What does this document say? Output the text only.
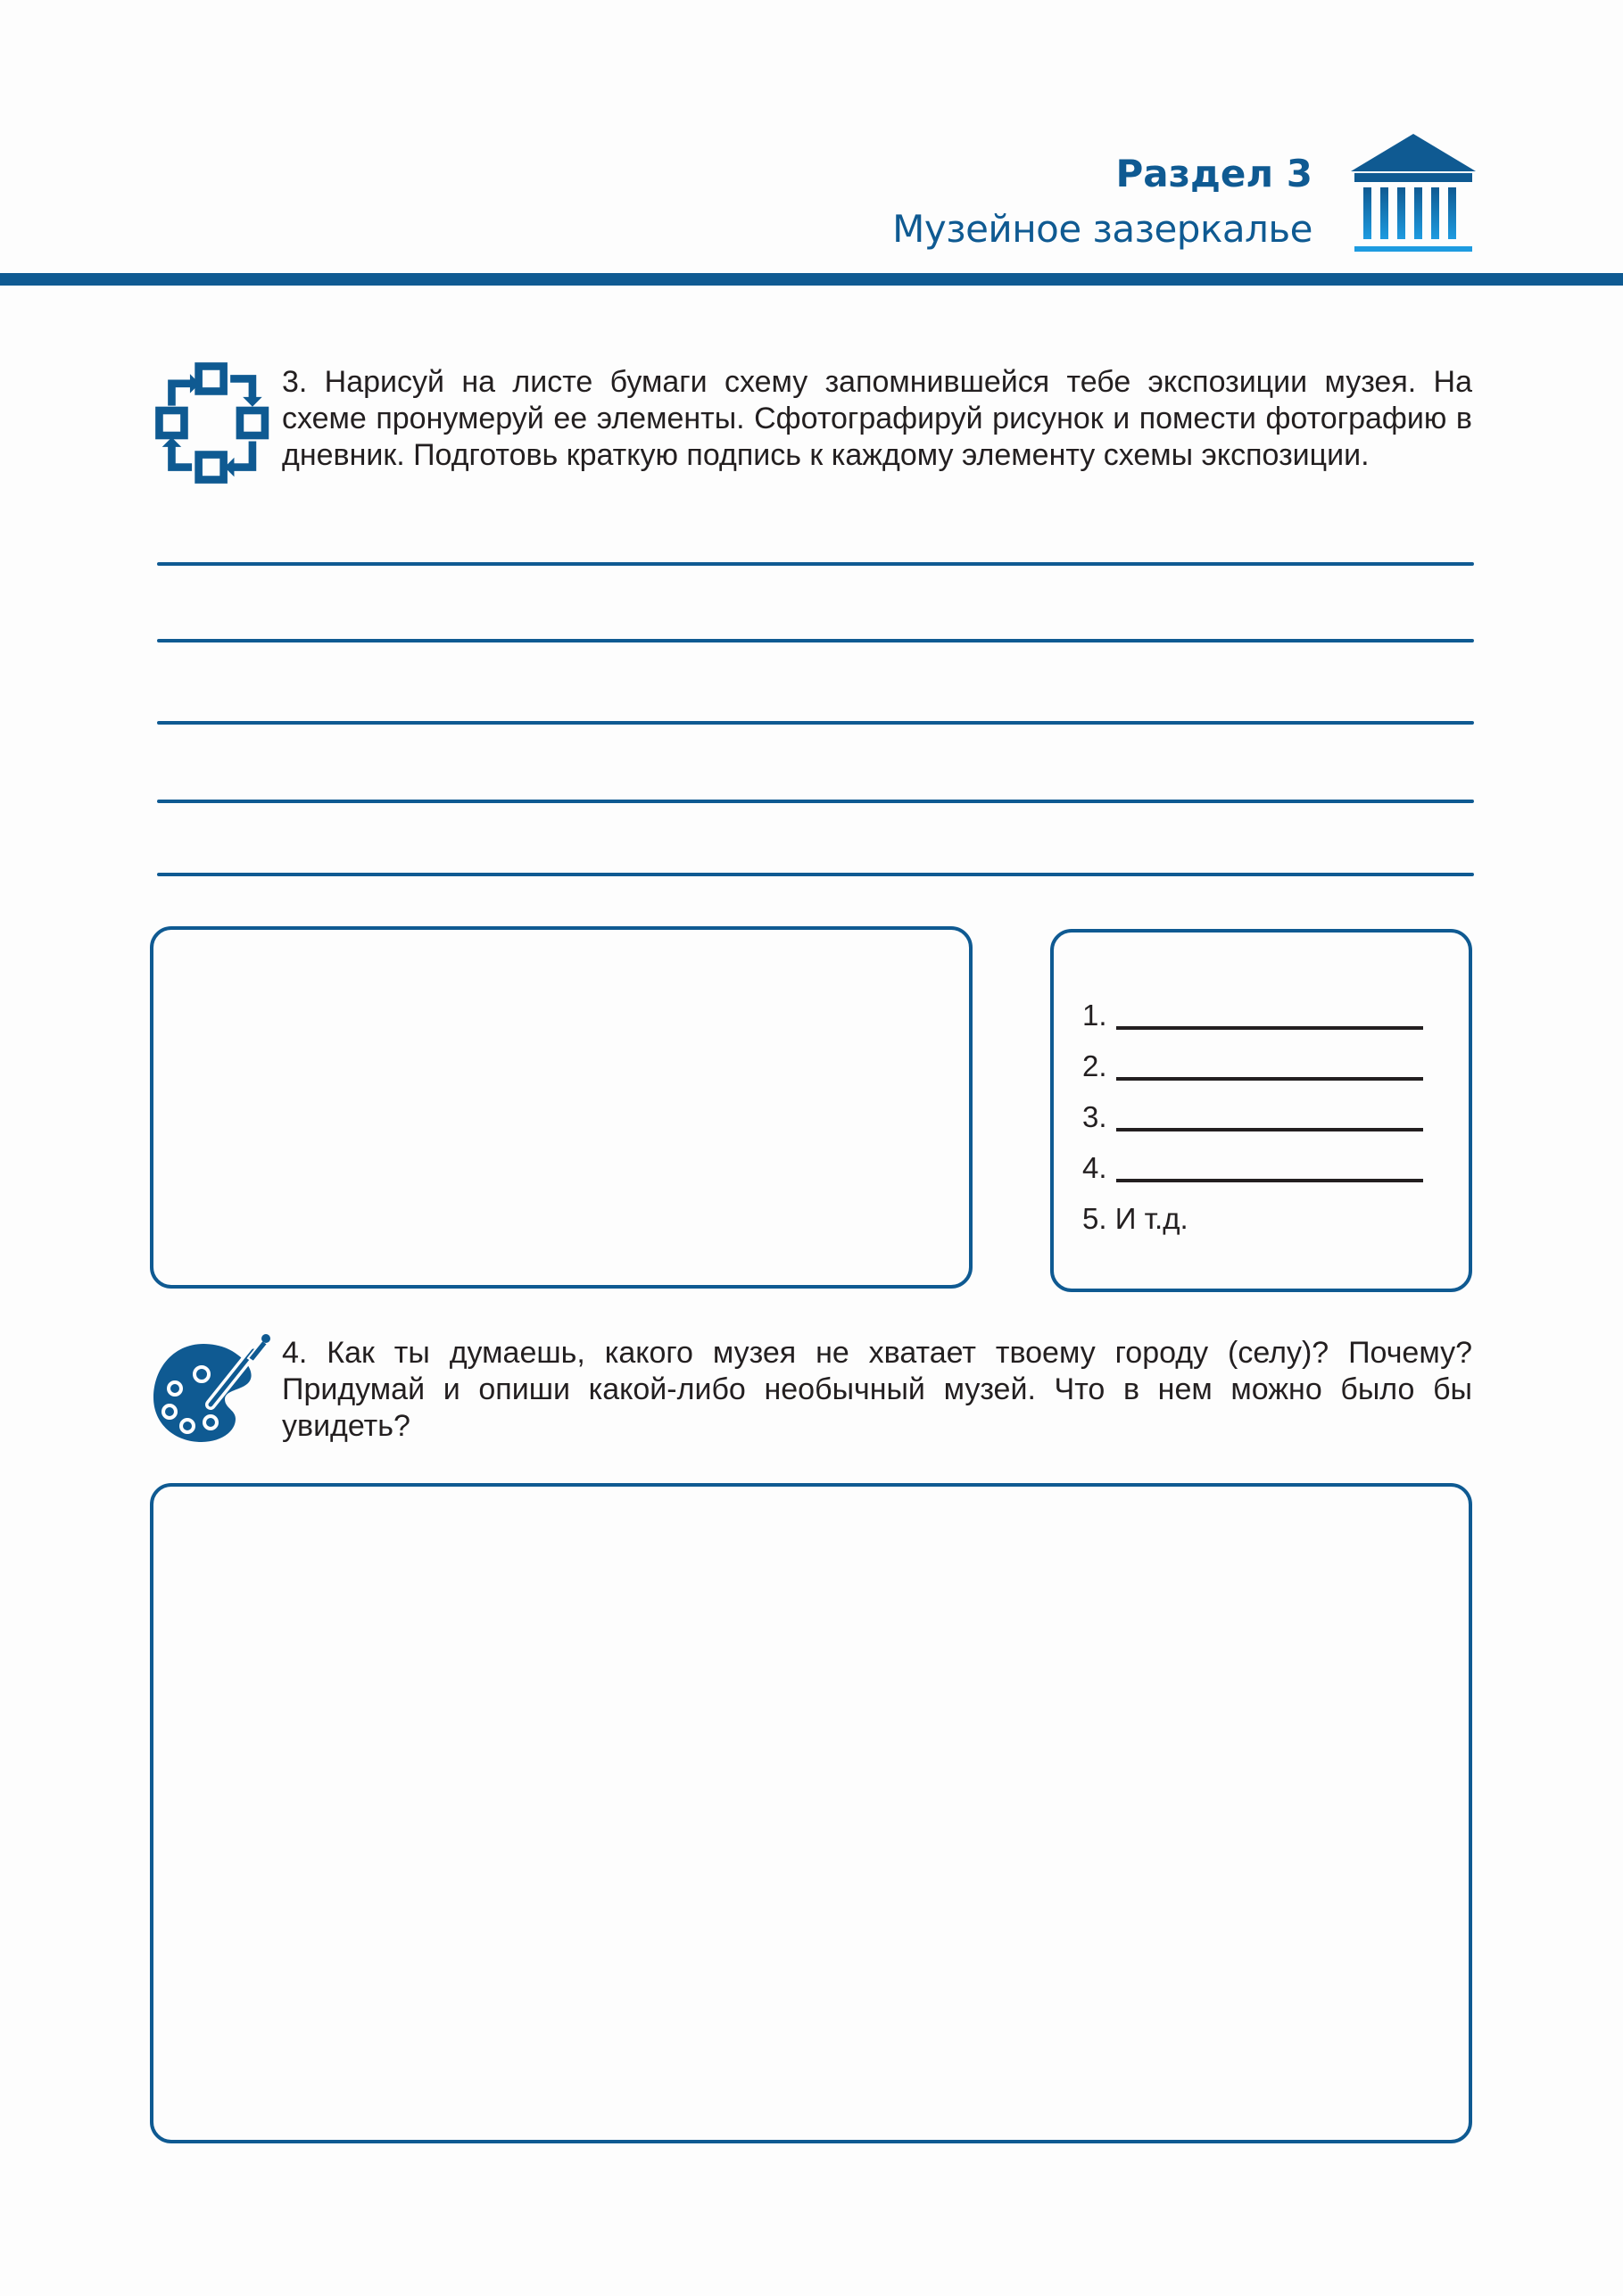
Раздел 3
Музейное зазеркалье
3. Нарисуй на листе бумаги схему запомнившейся тебе экспозиции музея. На схеме пронумеруй ее элементы. Сфотографируй рисунок и помести фотографию в дневник. Подготовь краткую подпись к каждому элементу схемы экспозиции.
1.
2.
3.
4.
5. И т.д.
4. Как ты думаешь, какого музея не хватает твоему городу (селу)? Почему? Придумай и опиши какой-либо необычный музей. Что в нем можно было бы увидеть?
